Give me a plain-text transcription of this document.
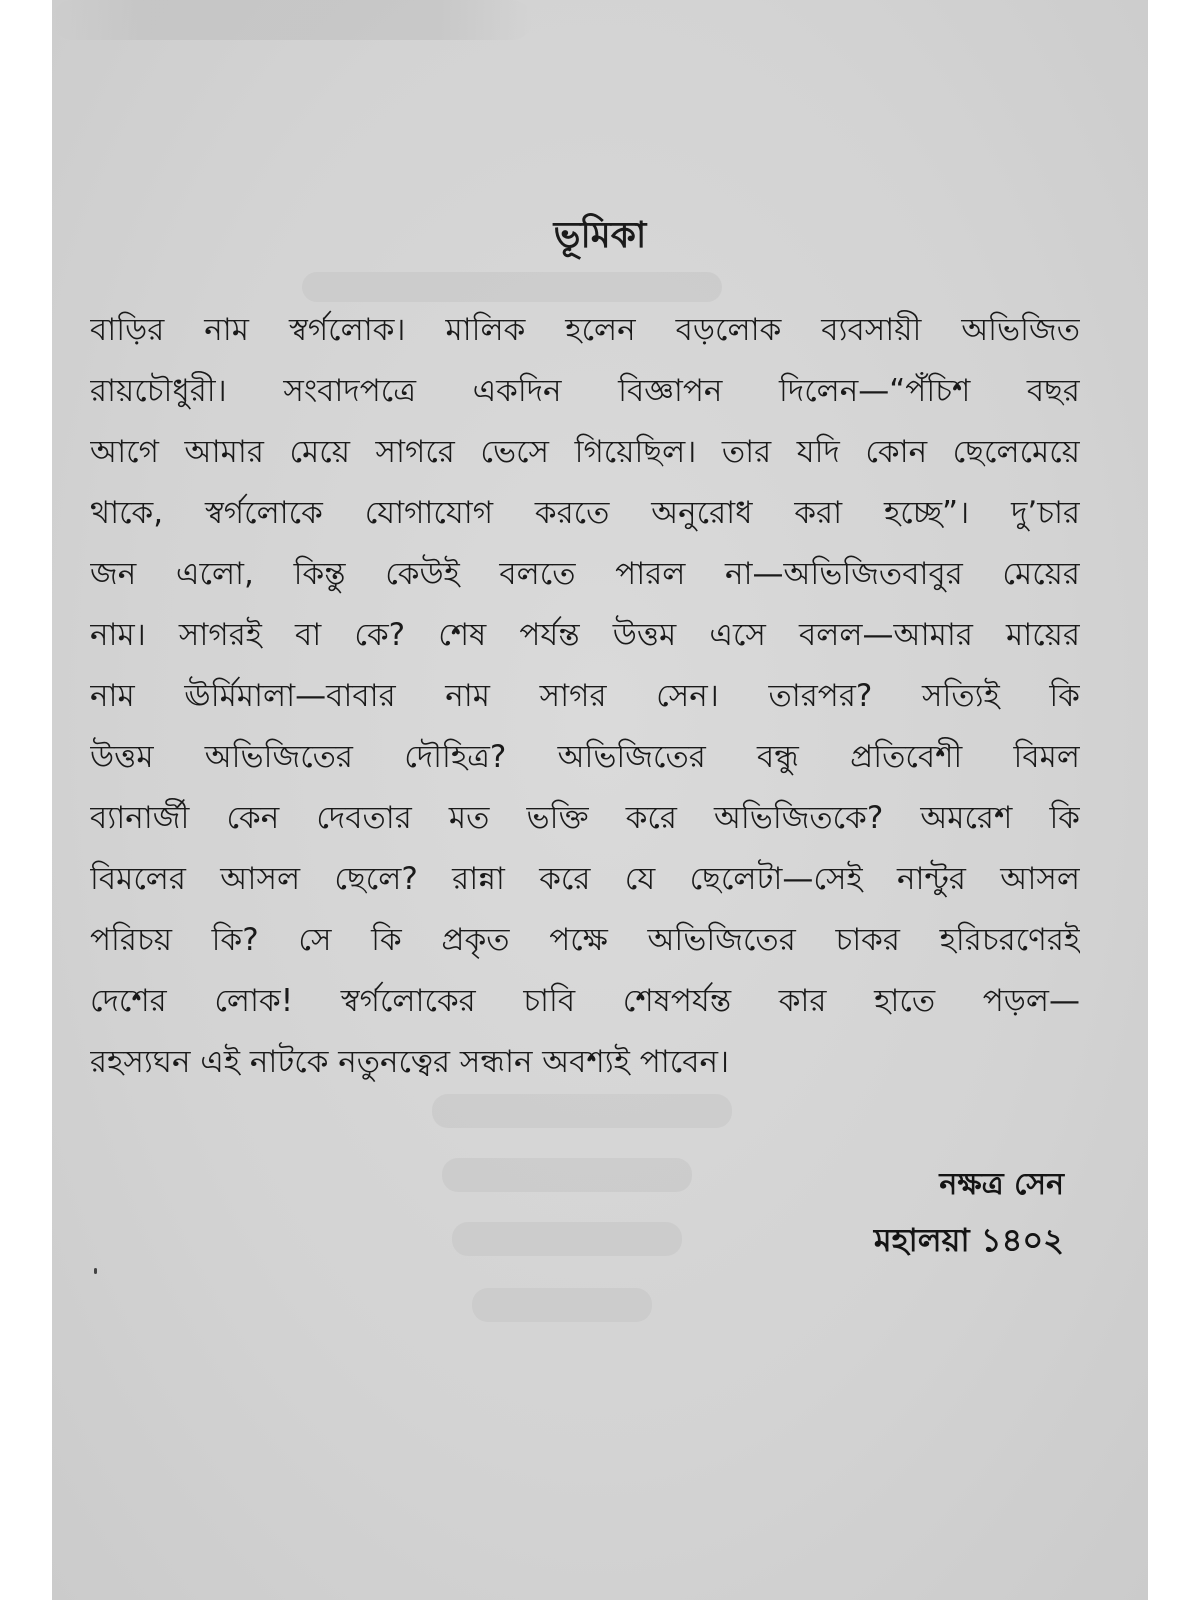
ভূমিকা
বাড়ির নাম স্বর্গলোক। মালিক হলেন বড়লোক ব্যবসায়ী অভিজিত
রায়চৌধুরী। সংবাদপত্রে একদিন বিজ্ঞাপন দিলেন—“পঁচিশ বছর
আগে আমার মেয়ে সাগরে ভেসে গিয়েছিল। তার যদি কোন ছেলেমেয়ে
থাকে, স্বর্গলোকে যোগাযোগ করতে অনুরোধ করা হচ্ছে”। দু’চার
জন এলো, কিন্তু কেউই বলতে পারল না—অভিজিতবাবুর মেয়ের
নাম। সাগরই বা কে? শেষ পর্যন্ত উত্তম এসে বলল—আমার মায়ের
নাম ঊর্মিমালা—বাবার নাম সাগর সেন। তারপর? সত্যিই কি
উত্তম অভিজিতের দৌহিত্র? অভিজিতের বন্ধু প্রতিবেশী বিমল
ব্যানার্জী কেন দেবতার মত ভক্তি করে অভিজিতকে? অমরেশ কি
বিমলের আসল ছেলে? রান্না করে যে ছেলেটা—সেই নান্টুর আসল
পরিচয় কি? সে কি প্রকৃত পক্ষে অভিজিতের চাকর হরিচরণেরই
দেশের লোক! স্বর্গলোকের চাবি শেষপর্যন্ত কার হাতে পড়ল—
রহস্যঘন এই নাটকে নতুনত্বের সন্ধান অবশ্যই পাবেন।
নক্ষত্র সেন
মহালয়া ১৪০২
